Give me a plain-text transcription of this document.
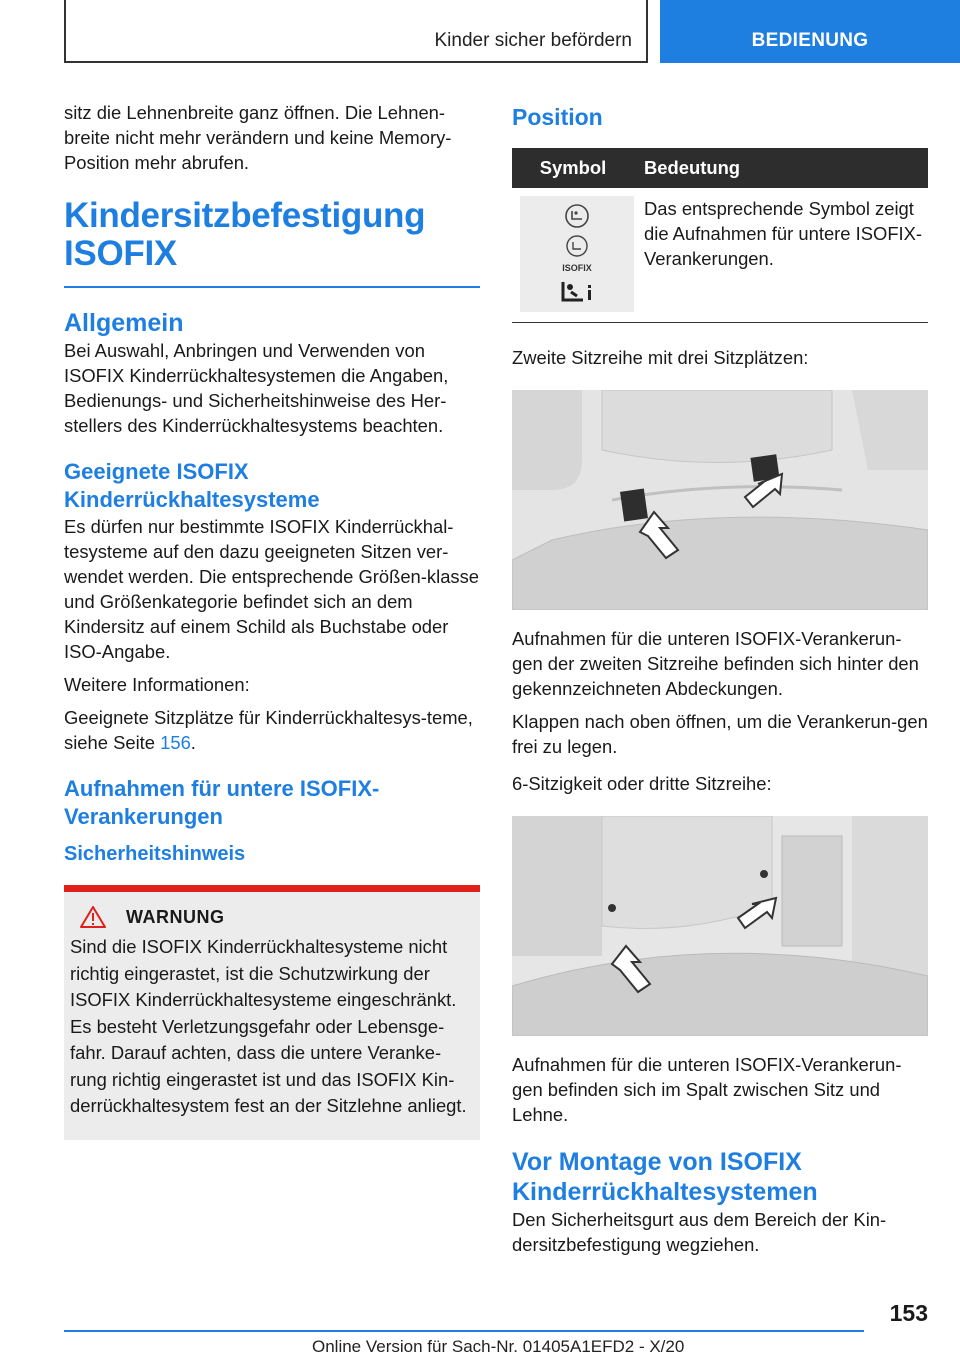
Kinder sicher befördern	BEDIENUNG

sitz die Lehnenbreite ganz öffnen. Die Lehnen-breite nicht mehr verändern und keine Memory-Position mehr abrufen.

Kindersitzbefestigung
ISOFIX
Allgemein

Bei Auswahl, Anbringen und Verwenden von ISOFIX Kinderrückhaltesystemen die Angaben, Bedienungs- und Sicherheitshinweise des Her-stellers des Kinderrückhaltesystems beachten.

Geeignete ISOFIX Kinderrückhaltesysteme

Es dürfen nur bestimmte ISOFIX Kinderrückhal-tesysteme auf den dazu geeigneten Sitzen ver-wendet werden. Die entsprechende Größen-klasse und Größenkategorie befindet sich an dem Kindersitz auf einem Schild als Buchstabe oder ISO-Angabe.

Weitere Informationen:

Geeignete Sitzplätze für Kinderrückhaltesys-teme, siehe Seite 156.

Aufnahmen für untere ISOFIX-Verankerungen
Sicherheitshinweis
WARNUNG

Sind die ISOFIX Kinderrückhaltesysteme nicht richtig eingerastet, ist die Schutzwirkung der ISOFIX Kinderrückhaltesysteme eingeschränkt. Es besteht Verletzungsgefahr oder Lebensge-fahr. Darauf achten, dass die untere Veranke-rung richtig eingerastet ist und das ISOFIX Kin-derrückhaltesystem fest an der Sitzlehne anliegt.

Position
Symbol	Bedeutung
ISOFIX
Das entsprechende Symbol zeigt die Aufnahmen für untere ISOFIX-Verankerungen.

Zweite Sitzreihe mit drei Sitzplätzen:

Aufnahmen für die unteren ISOFIX-Verankerun-gen der zweiten Sitzreihe befinden sich hinter den gekennzeichneten Abdeckungen.

Klappen nach oben öffnen, um die Verankerun-gen frei zu legen.

6-Sitzigkeit oder dritte Sitzreihe:

Aufnahmen für die unteren ISOFIX-Verankerun-gen befinden sich im Spalt zwischen Sitz und Lehne.

Vor Montage von ISOFIX Kinderrückhaltesystemen

Den Sicherheitsgurt aus dem Bereich der Kin-dersitzbefestigung wegziehen.

153
Online Version für Sach-Nr. 01405A1EFD2 - X/20
